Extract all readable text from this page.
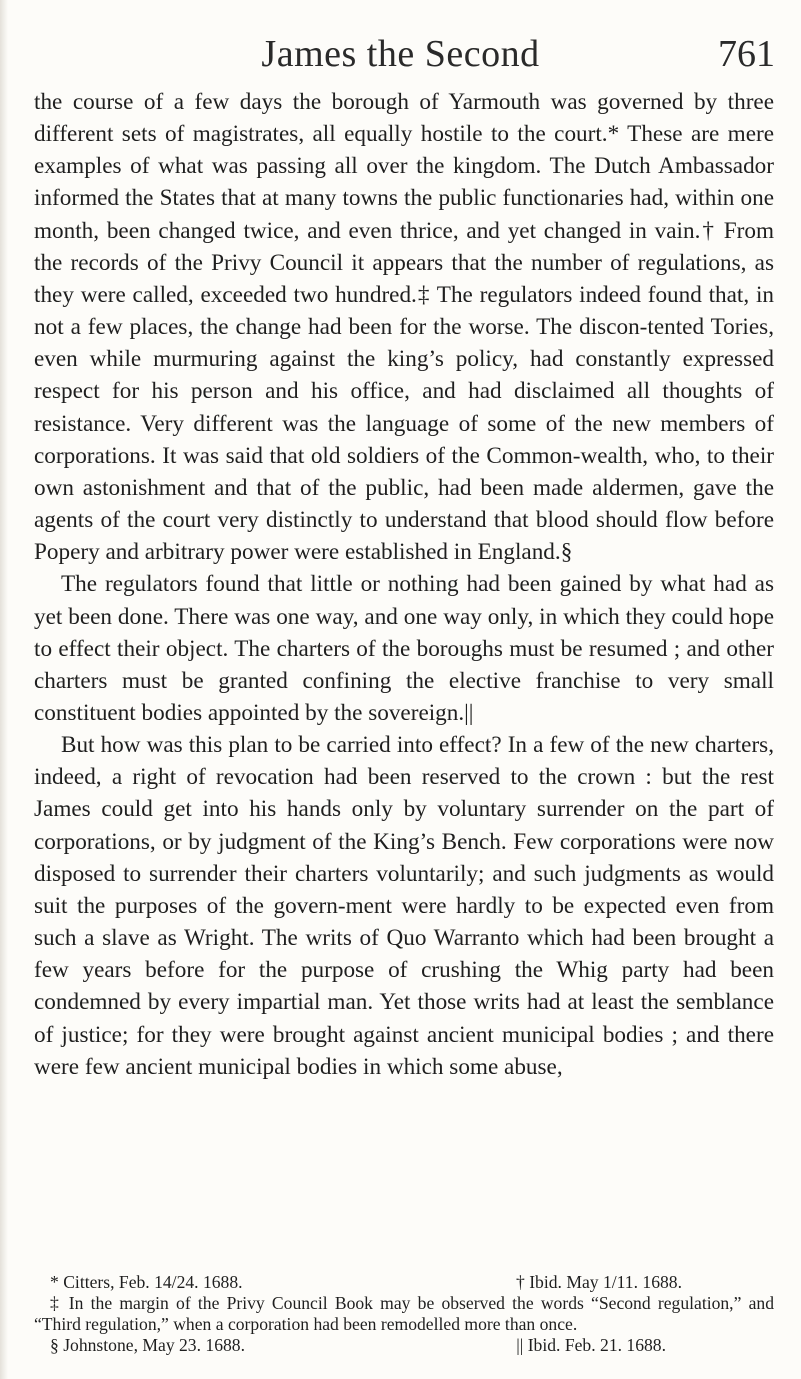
James the Second	761

the course of a few days the borough of Yarmouth was governed by three different sets of magistrates, all equally hostile to the court.* These are mere examples of what was passing all over the kingdom. The Dutch Ambassador informed the States that at many towns the public functionaries had, within one month, been changed twice, and even thrice, and yet changed in vain.† From the records of the Privy Council it appears that the number of regulations, as they were called, exceeded two hundred.‡ The regulators indeed found that, in not a few places, the change had been for the worse. The discon-tented Tories, even while murmuring against the king’s policy, had constantly expressed respect for his person and his office, and had disclaimed all thoughts of resistance. Very different was the language of some of the new members of corporations. It was said that old soldiers of the Common-wealth, who, to their own astonishment and that of the public, had been made aldermen, gave the agents of the court very distinctly to understand that blood should flow before Popery and arbitrary power were established in England.§

The regulators found that little or nothing had been gained by what had as yet been done. There was one way, and one way only, in which they could hope to effect their object. The charters of the boroughs must be resumed ; and other charters must be granted confining the elective franchise to very small constituent bodies appointed by the sovereign.||

But how was this plan to be carried into effect? In a few of the new charters, indeed, a right of revocation had been reserved to the crown : but the rest James could get into his hands only by voluntary surrender on the part of corporations, or by judgment of the King’s Bench. Few corporations were now disposed to surrender their charters voluntarily; and such judgments as would suit the purposes of the govern-ment were hardly to be expected even from such a slave as Wright. The writs of Quo Warranto which had been brought a few years before for the purpose of crushing the Whig party had been condemned by every impartial man. Yet those writs had at least the semblance of justice; for they were brought against ancient municipal bodies ; and there were few ancient municipal bodies in which some abuse,

* Citters, Feb. 14/24. 1688.	† Ibid. May 1/11. 1688.
‡ In the margin of the Privy Council Book may be observed the words “Second regulation,” and “Third regulation,” when a corporation had been remodelled more than once.
§ Johnstone, May 23. 1688.	|| Ibid. Feb. 21. 1688.
